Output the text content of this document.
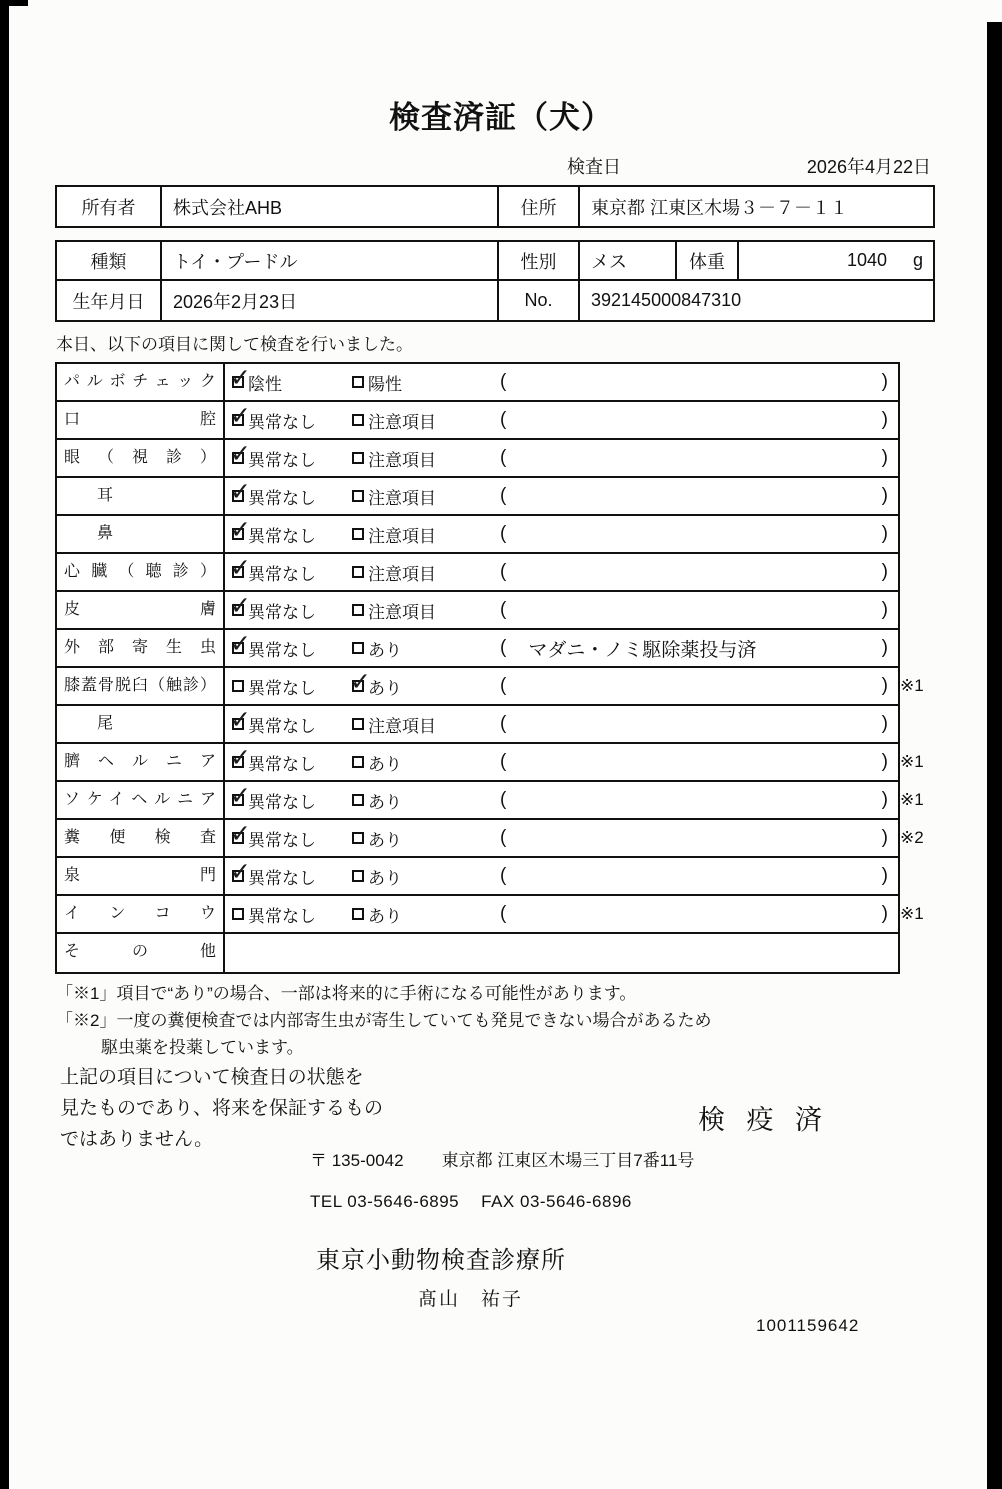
検査済証（犬）
検査日	2026年4月22日
所有者	株式会社AHB	住所	東京都 江東区木場３－７－１１
種類	トイ・プードル	性別	メス	体重	1040 g
生年月日	2026年2月23日	No.	392145000847310
本日、以下の項目に関して検査を行いました。
パルボチェック ✓	陰性	陽性	(	)
口腔 ✓	異常なし	注意項目	(	)
眼（視診） ✓	異常なし	注意項目	(	)
耳 ✓	異常なし	注意項目	(	)
鼻 ✓	異常なし	注意項目	(	)
心臓（聴診） ✓	異常なし	注意項目	(	)
皮膚 ✓	異常なし	注意項目	(	)
外部寄生虫 ✓	異常なし	あり	(	マダニ・ノミ駆除薬投与済	)
膝蓋骨脱臼（触診）	異常なし ✓	あり	(	) ※1
尾 ✓	異常なし	注意項目	(	)
臍ヘルニア ✓	異常なし	あり	(	) ※1
ソケイヘルニア ✓	異常なし	あり	(	) ※1
糞便検査 ✓	異常なし	あり	(	) ※2
泉門 ✓	異常なし	あり	(	)
インコウ	異常なし	あり	(	) ※1
その他
「※1」項目で“あり”の場合、一部は将来的に手術になる可能性があります。
「※2」一度の糞便検査では内部寄生虫が寄生していても発見できない場合があるため
駆虫薬を投薬しています。
上記の項目について検査日の状態を
見たものであり、将来を保証するもの
ではありません。
検 疫 済
〒 135-0042 東京都 江東区木場三丁目7番11号
TEL 03-5646-6895 FAX 03-5646-6896
東京小動物検査診療所
髙山　祐子
1001159642
